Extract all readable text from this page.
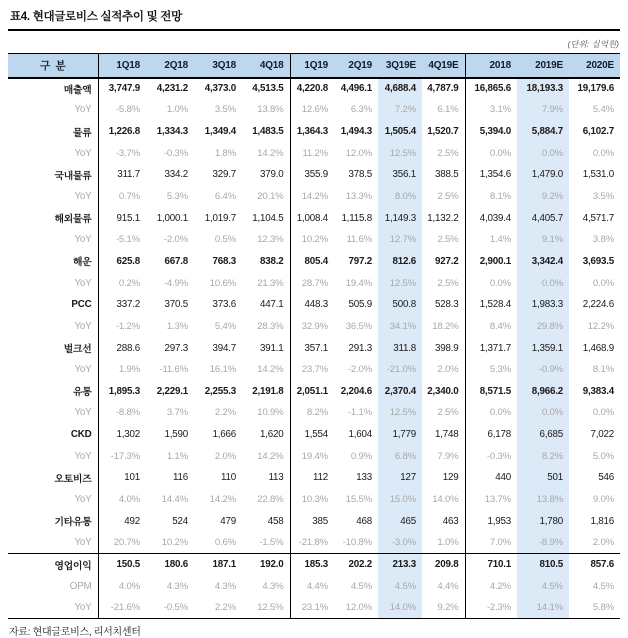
표4. 현대글로비스 실적추이 및 전망
(단위: 십억원)
구  분	1Q18	2Q18	3Q18	4Q18	1Q19	2Q19	3Q19E	4Q19E	2018	2019E	2020E
매출액	3,747.9	4,231.2	4,373.0	4,513.5	4,220.8	4,496.1	4,688.4	4,787.9	16,865.6	18,193.3	19,179.6
YoY	-5.8%	1.0%	3.5%	13.8%	12.6%	6.3%	7.2%	6.1%	3.1%	7.9%	5.4%
물류	1,226.8	1,334.3	1,349.4	1,483.5	1,364.3	1,494.3	1,505.4	1,520.7	5,394.0	5,884.7	6,102.7
YoY	-3.7%	-0.3%	1.8%	14.2%	11.2%	12.0%	12.5%	2.5%	0.0%	0.0%	0.0%
국내물류	311.7	334.2	329.7	379.0	355.9	378.5	356.1	388.5	1,354.6	1,479.0	1,531.0
YoY	0.7%	5.3%	6.4%	20.1%	14.2%	13.3%	8.0%	2.5%	8.1%	9.2%	3.5%
해외물류	915.1	1,000.1	1,019.7	1,104.5	1,008.4	1,115.8	1,149.3	1,132.2	4,039.4	4,405.7	4,571.7
YoY	-5.1%	-2.0%	0.5%	12.3%	10.2%	11.6%	12.7%	2.5%	1.4%	9.1%	3.8%
해운	625.8	667.8	768.3	838.2	805.4	797.2	812.6	927.2	2,900.1	3,342.4	3,693.5
YoY	0.2%	-4.9%	10.6%	21.3%	28.7%	19.4%	12.5%	2.5%	0.0%	0.0%	0.0%
PCC	337.2	370.5	373.6	447.1	448.3	505.9	500.8	528.3	1,528.4	1,983.3	2,224.6
YoY	-1.2%	1.3%	5.4%	28.3%	32.9%	36.5%	34.1%	18.2%	8.4%	29.8%	12.2%
벌크선	288.6	297.3	394.7	391.1	357.1	291.3	311.8	398.9	1,371.7	1,359.1	1,468.9
YoY	1.9%	-11.6%	16.1%	14.2%	23.7%	-2.0%	-21.0%	2.0%	5.3%	-0.9%	8.1%
유통	1,895.3	2,229.1	2,255.3	2,191.8	2,051.1	2,204.6	2,370.4	2,340.0	8,571.5	8,966.2	9,383.4
YoY	-8.8%	3.7%	2.2%	10.9%	8.2%	-1.1%	12.5%	2.5%	0.0%	0.0%	0.0%
CKD	1,302	1,590	1,666	1,620	1,554	1,604	1,779	1,748	6,178	6,685	7,022
YoY	-17.3%	1.1%	2.0%	14.2%	19.4%	0.9%	6.8%	7.9%	-0.3%	8.2%	5.0%
오토비즈	101	116	110	113	112	133	127	129	440	501	546
YoY	4.0%	14.4%	14.2%	22.8%	10.3%	15.5%	15.0%	14.0%	13.7%	13.8%	9.0%
기타유통	492	524	479	458	385	468	465	463	1,953	1,780	1,816
YoY	20.7%	10.2%	0.6%	-1.5%	-21.8%	-10.8%	-3.0%	1.0%	7.0%	-8.9%	2.0%
영업이익	150.5	180.6	187.1	192.0	185.3	202.2	213.3	209.8	710.1	810.5	857.6
OPM	4.0%	4.3%	4.3%	4.3%	4.4%	4.5%	4.5%	4.4%	4.2%	4.5%	4.5%
YoY	-21.6%	-0.5%	2.2%	12.5%	23.1%	12.0%	14.0%	9.2%	-2.3%	14.1%	5.8%
자료: 현대글로비스, 리서치센터
